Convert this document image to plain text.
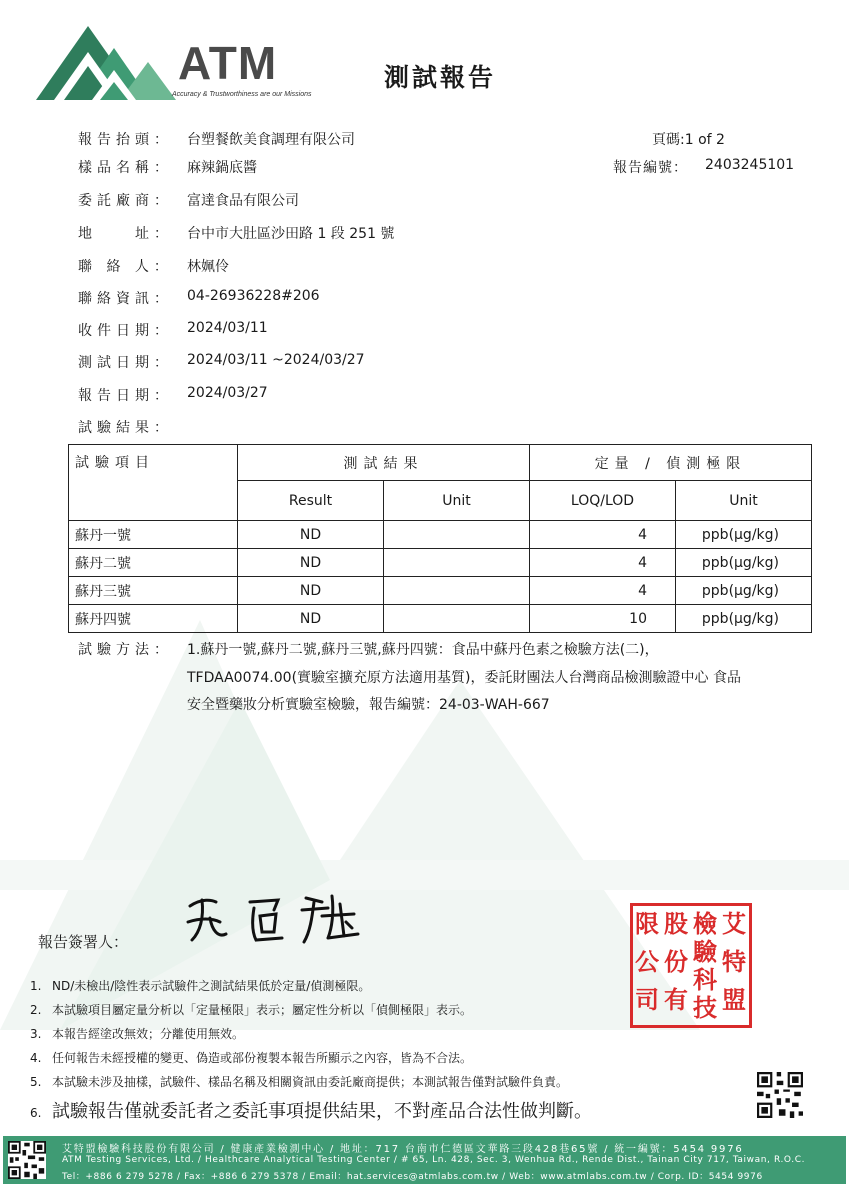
ATM
Accuracy & Trustworthiness are our Missions
測試報告
頁碼:1 of 2
報告編號： 2403245101
報告抬頭： 台塑餐飲美食調理有限公司
樣品名稱： 麻辣鍋底醬
委託廠商： 富達食品有限公司
地　　址： 台中市大肚區沙田路 1 段 251 號
聯 絡 人： 林姵伶
聯絡資訊： 04-26936228#206
收件日期： 2024/03/11
測試日期： 2024/03/11 ~2024/03/27
報告日期： 2024/03/27
試驗結果：
試驗項目	測試結果		定量 / 偵測極限	
	Result	Unit	LOQ/LOD	Unit
蘇丹一號	ND		4	ppb(μg/kg)
蘇丹二號	ND		4	ppb(μg/kg)
蘇丹三號	ND		4	ppb(μg/kg)
蘇丹四號	ND		10	ppb(μg/kg)
試驗方法： 1.蘇丹一號,蘇丹二號,蘇丹三號,蘇丹四號：食品中蘇丹色素之檢驗方法(二)，
TFDAA0074.00(實驗室擴充原方法適用基質)，委託財團法人台灣商品檢測驗證中心 食品
安全暨藥妝分析實驗室檢驗，報告編號：24-03-WAH-667
報告簽署人：
艾
特
盟
檢
驗
科
技
股
份
有
限
公
司
1. ND/未檢出/陰性表示試驗件之測試結果低於定量/偵測極限。
2. 本試驗項目屬定量分析以「定量極限」表示；屬定性分析以「偵側極限」表示。
3. 本報告經塗改無效；分離使用無效。
4. 任何報告未經授權的變更、偽造或部份複製本報告所顯示之內容，皆為不合法。
5. 本試驗未涉及抽樣，試驗件、樣品名稱及相關資訊由委託廠商提供；本測試報告僅對試驗件負責。
6. 試驗報告僅就委託者之委託事項提供結果，不對產品合法性做判斷。
艾特盟檢驗科技股份有限公司 / 健康產業檢測中心 / 地址：717 台南市仁德區文華路三段428巷65號 / 統一編號：5454 9976
ATM Testing Services, Ltd. / Healthcare Analytical Testing Center / # 65, Ln. 428, Sec. 3, Wenhua Rd., Rende Dist., Tainan City 717, Taiwan, R.O.C.
Tel：+886 6 279 5278 / Fax：+886 6 279 5378 / Email：hat.services@atmlabs.com.tw / Web：www.atmlabs.com.tw / Corp. ID：5454 9976
